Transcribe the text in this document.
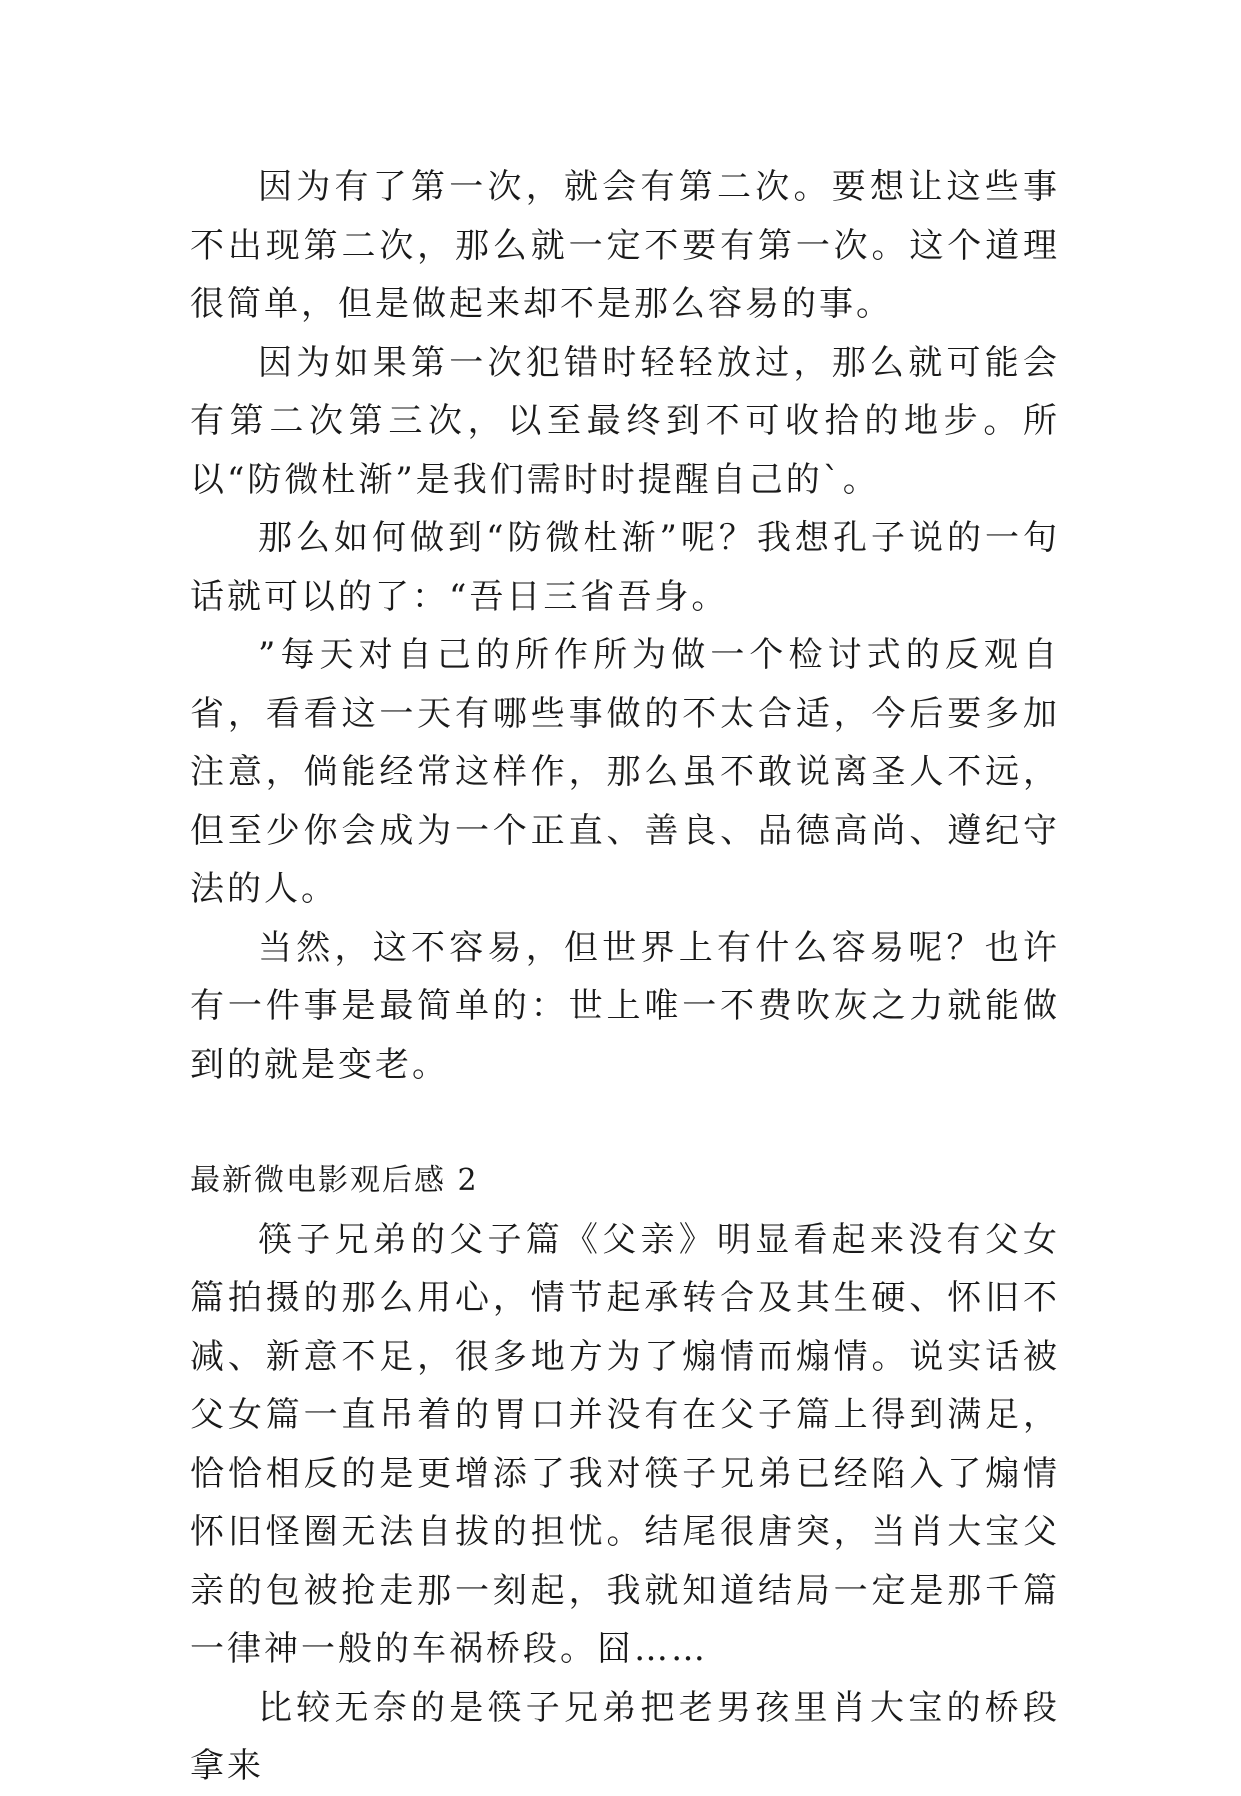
因为有了第一次，就会有第二次。要想让这些事不出现第二次，那么就一定不要有第一次。这个道理很简单，但是做起来却不是那么容易的事。

因为如果第一次犯错时轻轻放过，那么就可能会有第二次第三次，以至最终到不可收拾的地步。所以“防微杜渐”是我们需时时提醒自己的`。

那么如何做到“防微杜渐”呢？我想孔子说的一句话就可以的了：“吾日三省吾身。

”每天对自己的所作所为做一个检讨式的反观自省，看看这一天有哪些事做的不太合适，今后要多加注意，倘能经常这样作，那么虽不敢说离圣人不远，但至少你会成为一个正直、善良、品德高尚、遵纪守法的人。

当然，这不容易，但世界上有什么容易呢？也许有一件事是最简单的：世上唯一不费吹灰之力就能做到的就是变老。

最新微电影观后感 2

筷子兄弟的父子篇《父亲》明显看起来没有父女篇拍摄的那么用心，情节起承转合及其生硬、怀旧不减、新意不足，很多地方为了煽情而煽情。说实话被父女篇一直吊着的胃口并没有在父子篇上得到满足，恰恰相反的是更增添了我对筷子兄弟已经陷入了煽情怀旧怪圈无法自拔的担忧。结尾很唐突，当肖大宝父亲的包被抢走那一刻起，我就知道结局一定是那千篇一律神一般的车祸桥段。囧……

比较无奈的是筷子兄弟把老男孩里肖大宝的桥段拿来
